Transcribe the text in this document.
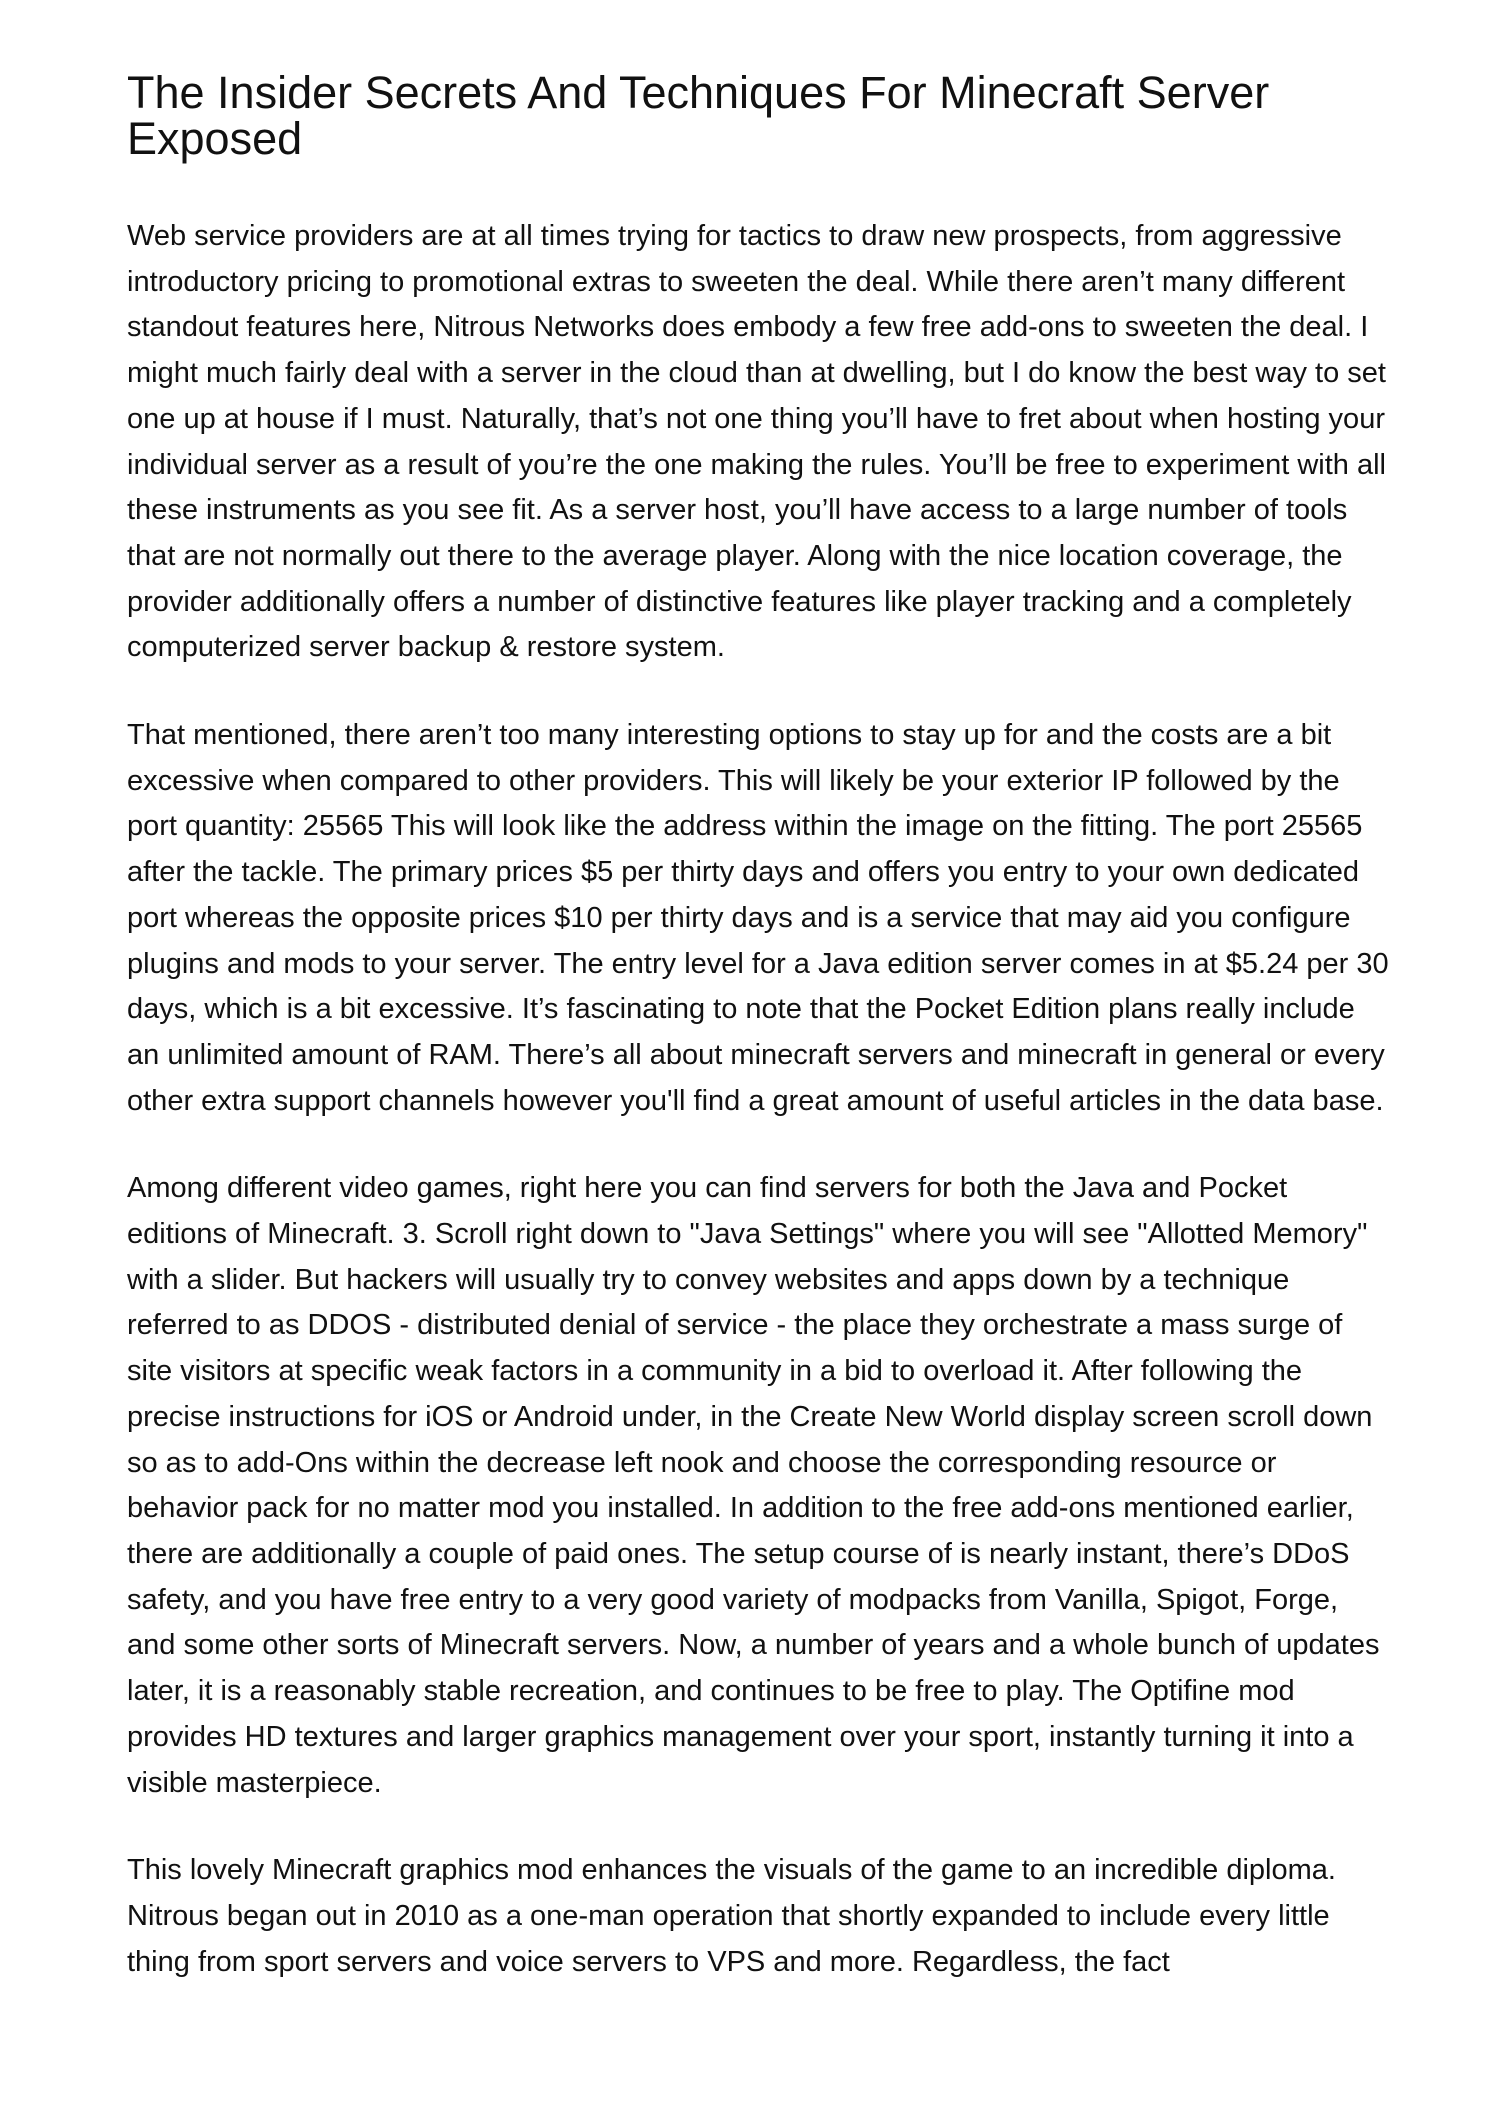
The Insider Secrets And Techniques For Minecraft Server Exposed

Web service providers are at all times trying for tactics to draw new prospects, from aggressive introductory pricing to promotional extras to sweeten the deal. While there aren’t many different standout features here, Nitrous Networks does embody a few free add-ons to sweeten the deal. I might much fairly deal with a server in the cloud than at dwelling, but I do know the best way to set one up at house if I must. Naturally, that’s not one thing you’ll have to fret about when hosting your individual server as a result of you’re the one making the rules. You’ll be free to experiment with all these instruments as you see fit. As a server host, you’ll have access to a large number of tools that are not normally out there to the average player. Along with the nice location coverage, the provider additionally offers a number of distinctive features like player tracking and a completely computerized server backup & restore system.

That mentioned, there aren’t too many interesting options to stay up for and the costs are a bit excessive when compared to other providers. This will likely be your exterior IP followed by the port quantity: 25565 This will look like the address within the image on the fitting. The port 25565 after the tackle. The primary prices $5 per thirty days and offers you entry to your own dedicated port whereas the opposite prices $10 per thirty days and is a service that may aid you configure plugins and mods to your server. The entry level for a Java edition server comes in at $5.24 per 30 days, which is a bit excessive. It’s fascinating to note that the Pocket Edition plans really include an unlimited amount of RAM. There’s all about minecraft servers and minecraft in general or every other extra support channels however you'll find a great amount of useful articles in the data base.

Among different video games, right here you can find servers for both the Java and Pocket editions of Minecraft. 3. Scroll right down to "Java Settings" where you will see "Allotted Memory" with a slider. But hackers will usually try to convey websites and apps down by a technique referred to as DDOS - distributed denial of service - the place they orchestrate a mass surge of site visitors at specific weak factors in a community in a bid to overload it. After following the precise instructions for iOS or Android under, in the Create New World display screen scroll down so as to add-Ons within the decrease left nook and choose the corresponding resource or behavior pack for no matter mod you installed. In addition to the free add-ons mentioned earlier, there are additionally a couple of paid ones. The setup course of is nearly instant, there’s DDoS safety, and you have free entry to a very good variety of modpacks from Vanilla, Spigot, Forge, and some other sorts of Minecraft servers. Now, a number of years and a whole bunch of updates later, it is a reasonably stable recreation, and continues to be free to play. The Optifine mod provides HD textures and larger graphics management over your sport, instantly turning it into a visible masterpiece.

This lovely Minecraft graphics mod enhances the visuals of the game to an incredible diploma. Nitrous began out in 2010 as a one-man operation that shortly expanded to include every little thing from sport servers and voice servers to VPS and more. Regardless, the fact
